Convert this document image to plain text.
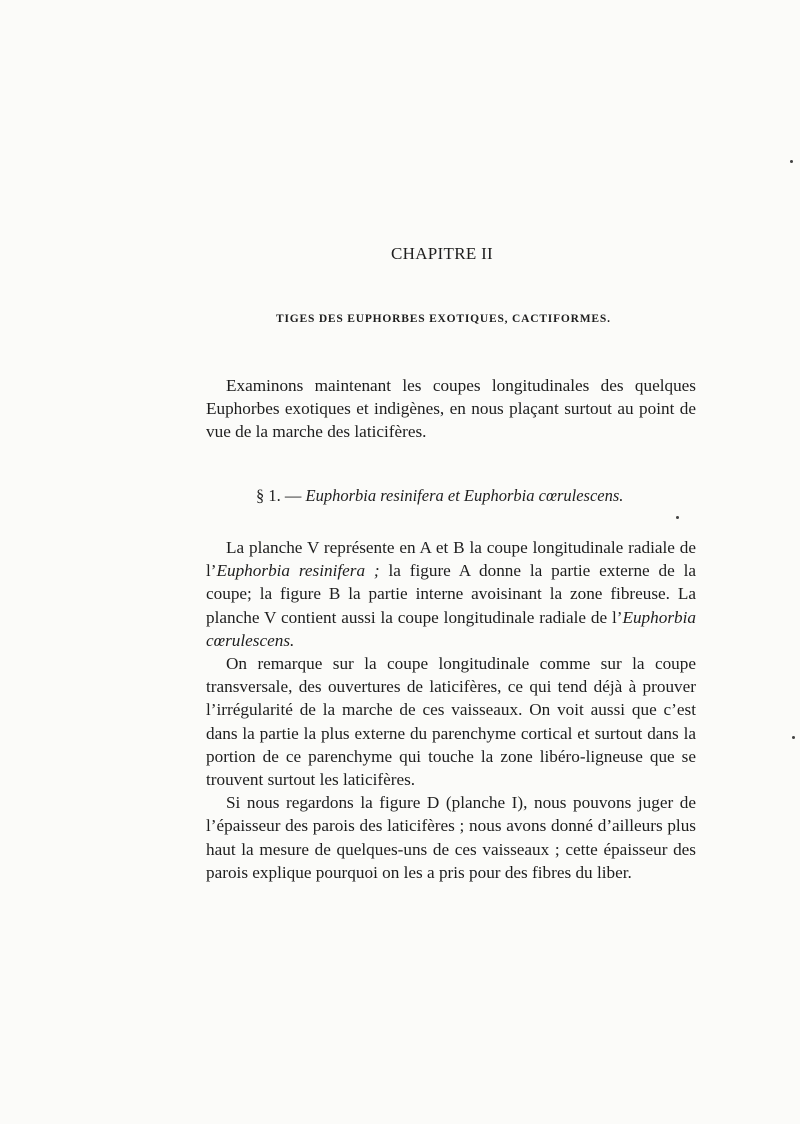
CHAPITRE II
TIGES DES EUPHORBES EXOTIQUES, CACTIFORMES.

Examinons maintenant les coupes longitudinales des quelques Euphorbes exotiques et indigènes, en nous plaçant surtout au point de vue de la marche des laticifères.

§ 1. — Euphorbia resinifera et Euphorbia cœrulescens.

La planche V représente en A et B la coupe longitudinale radiale de l’Euphorbia resinifera ; la figure A donne la partie externe de la coupe; la figure B la partie interne avoisinant la zone fibreuse. La planche V contient aussi la coupe longitudinale radiale de l’Euphorbia cœrulescens.

On remarque sur la coupe longitudinale comme sur la coupe transversale, des ouvertures de laticifères, ce qui tend déjà à prouver l’irrégularité de la marche de ces vaisseaux. On voit aussi que c’est dans la partie la plus externe du parenchyme cortical et surtout dans la portion de ce parenchyme qui touche la zone libéro-ligneuse que se trouvent surtout les laticifères.

Si nous regardons la figure D (planche I), nous pouvons juger de l’épaisseur des parois des laticifères ; nous avons donné d’ailleurs plus haut la mesure de quelques-uns de ces vaisseaux ; cette épaisseur des parois explique pourquoi on les a pris pour des fibres du liber.
